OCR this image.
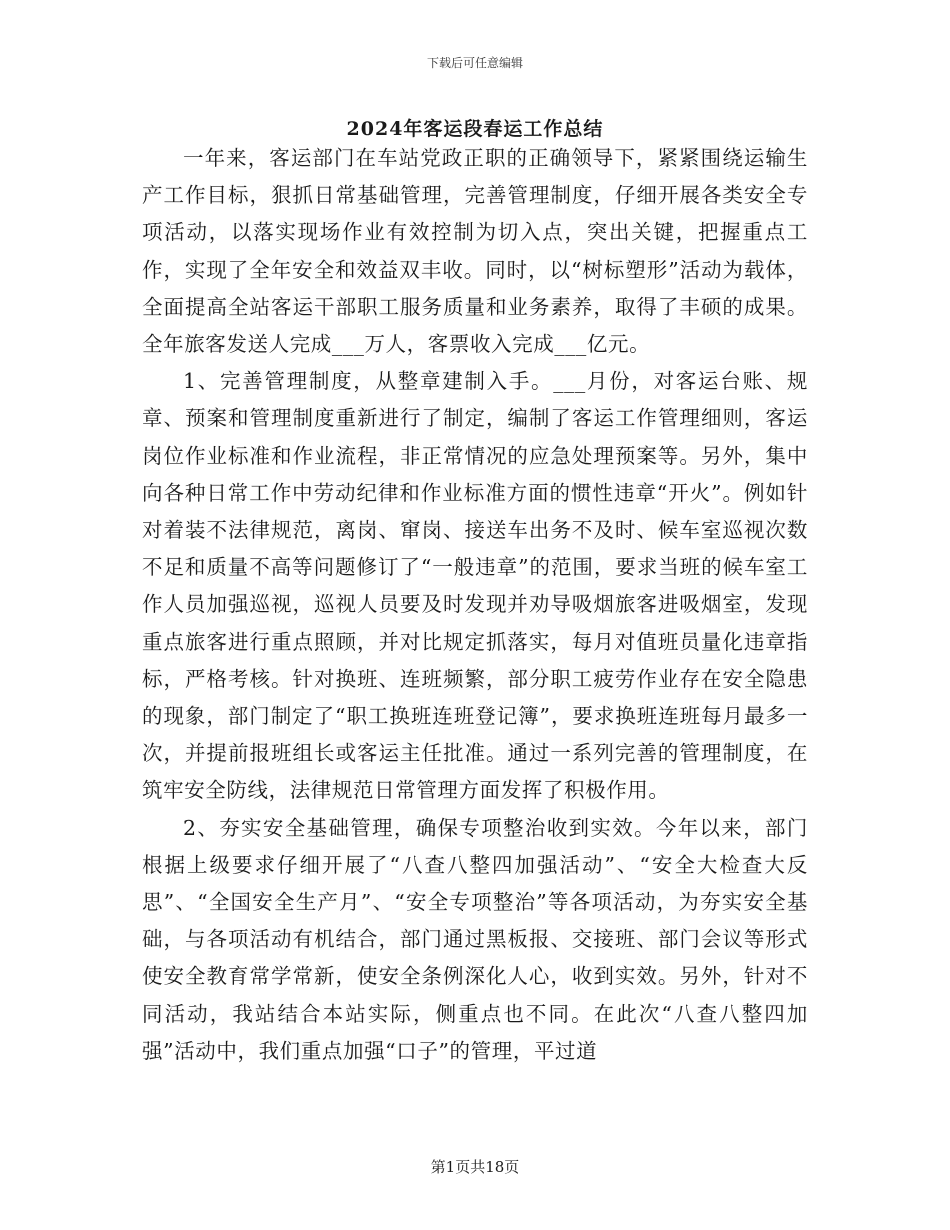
下载后可任意编辑
2024年客运段春运工作总结

一年来，客运部门在车站党政正职的正确领导下，紧紧围绕运输生产工作目标，狠抓日常基础管理，完善管理制度，仔细开展各类安全专项活动，以落实现场作业有效控制为切入点，突出关键，把握重点工作，实现了全年安全和效益双丰收。同时，以“树标塑形”活动为载体，全面提高全站客运干部职工服务质量和业务素养，取得了丰硕的成果。全年旅客发送人完成___万人，客票收入完成___亿元。

1、完善管理制度，从整章建制入手。___月份，对客运台账、规章、预案和管理制度重新进行了制定，编制了客运工作管理细则，客运岗位作业标准和作业流程，非正常情况的应急处理预案等。另外，集中向各种日常工作中劳动纪律和作业标准方面的惯性违章“开火”。例如针对着装不法律规范，离岗、窜岗、接送车出务不及时、候车室巡视次数不足和质量不高等问题修订了“一般违章”的范围，要求当班的候车室工作人员加强巡视，巡视人员要及时发现并劝导吸烟旅客进吸烟室，发现重点旅客进行重点照顾，并对比规定抓落实，每月对值班员量化违章指标，严格考核。针对换班、连班频繁，部分职工疲劳作业存在安全隐患的现象，部门制定了“职工换班连班登记簿”，要求换班连班每月最多一次，并提前报班组长或客运主任批准。通过一系列完善的管理制度，在筑牢安全防线，法律规范日常管理方面发挥了积极作用。

2、夯实安全基础管理，确保专项整治收到实效。今年以来，部门根据上级要求仔细开展了“八查八整四加强活动”、“安全大检查大反思”、“全国安全生产月”、“安全专项整治”等各项活动，为夯实安全基础，与各项活动有机结合，部门通过黑板报、交接班、部门会议等形式使安全教育常学常新，使安全条例深化人心，收到实效。另外，针对不同活动，我站结合本站实际，侧重点也不同。在此次“八查八整四加强”活动中，我们重点加强“口子”的管理，平过道

第1页共18页
